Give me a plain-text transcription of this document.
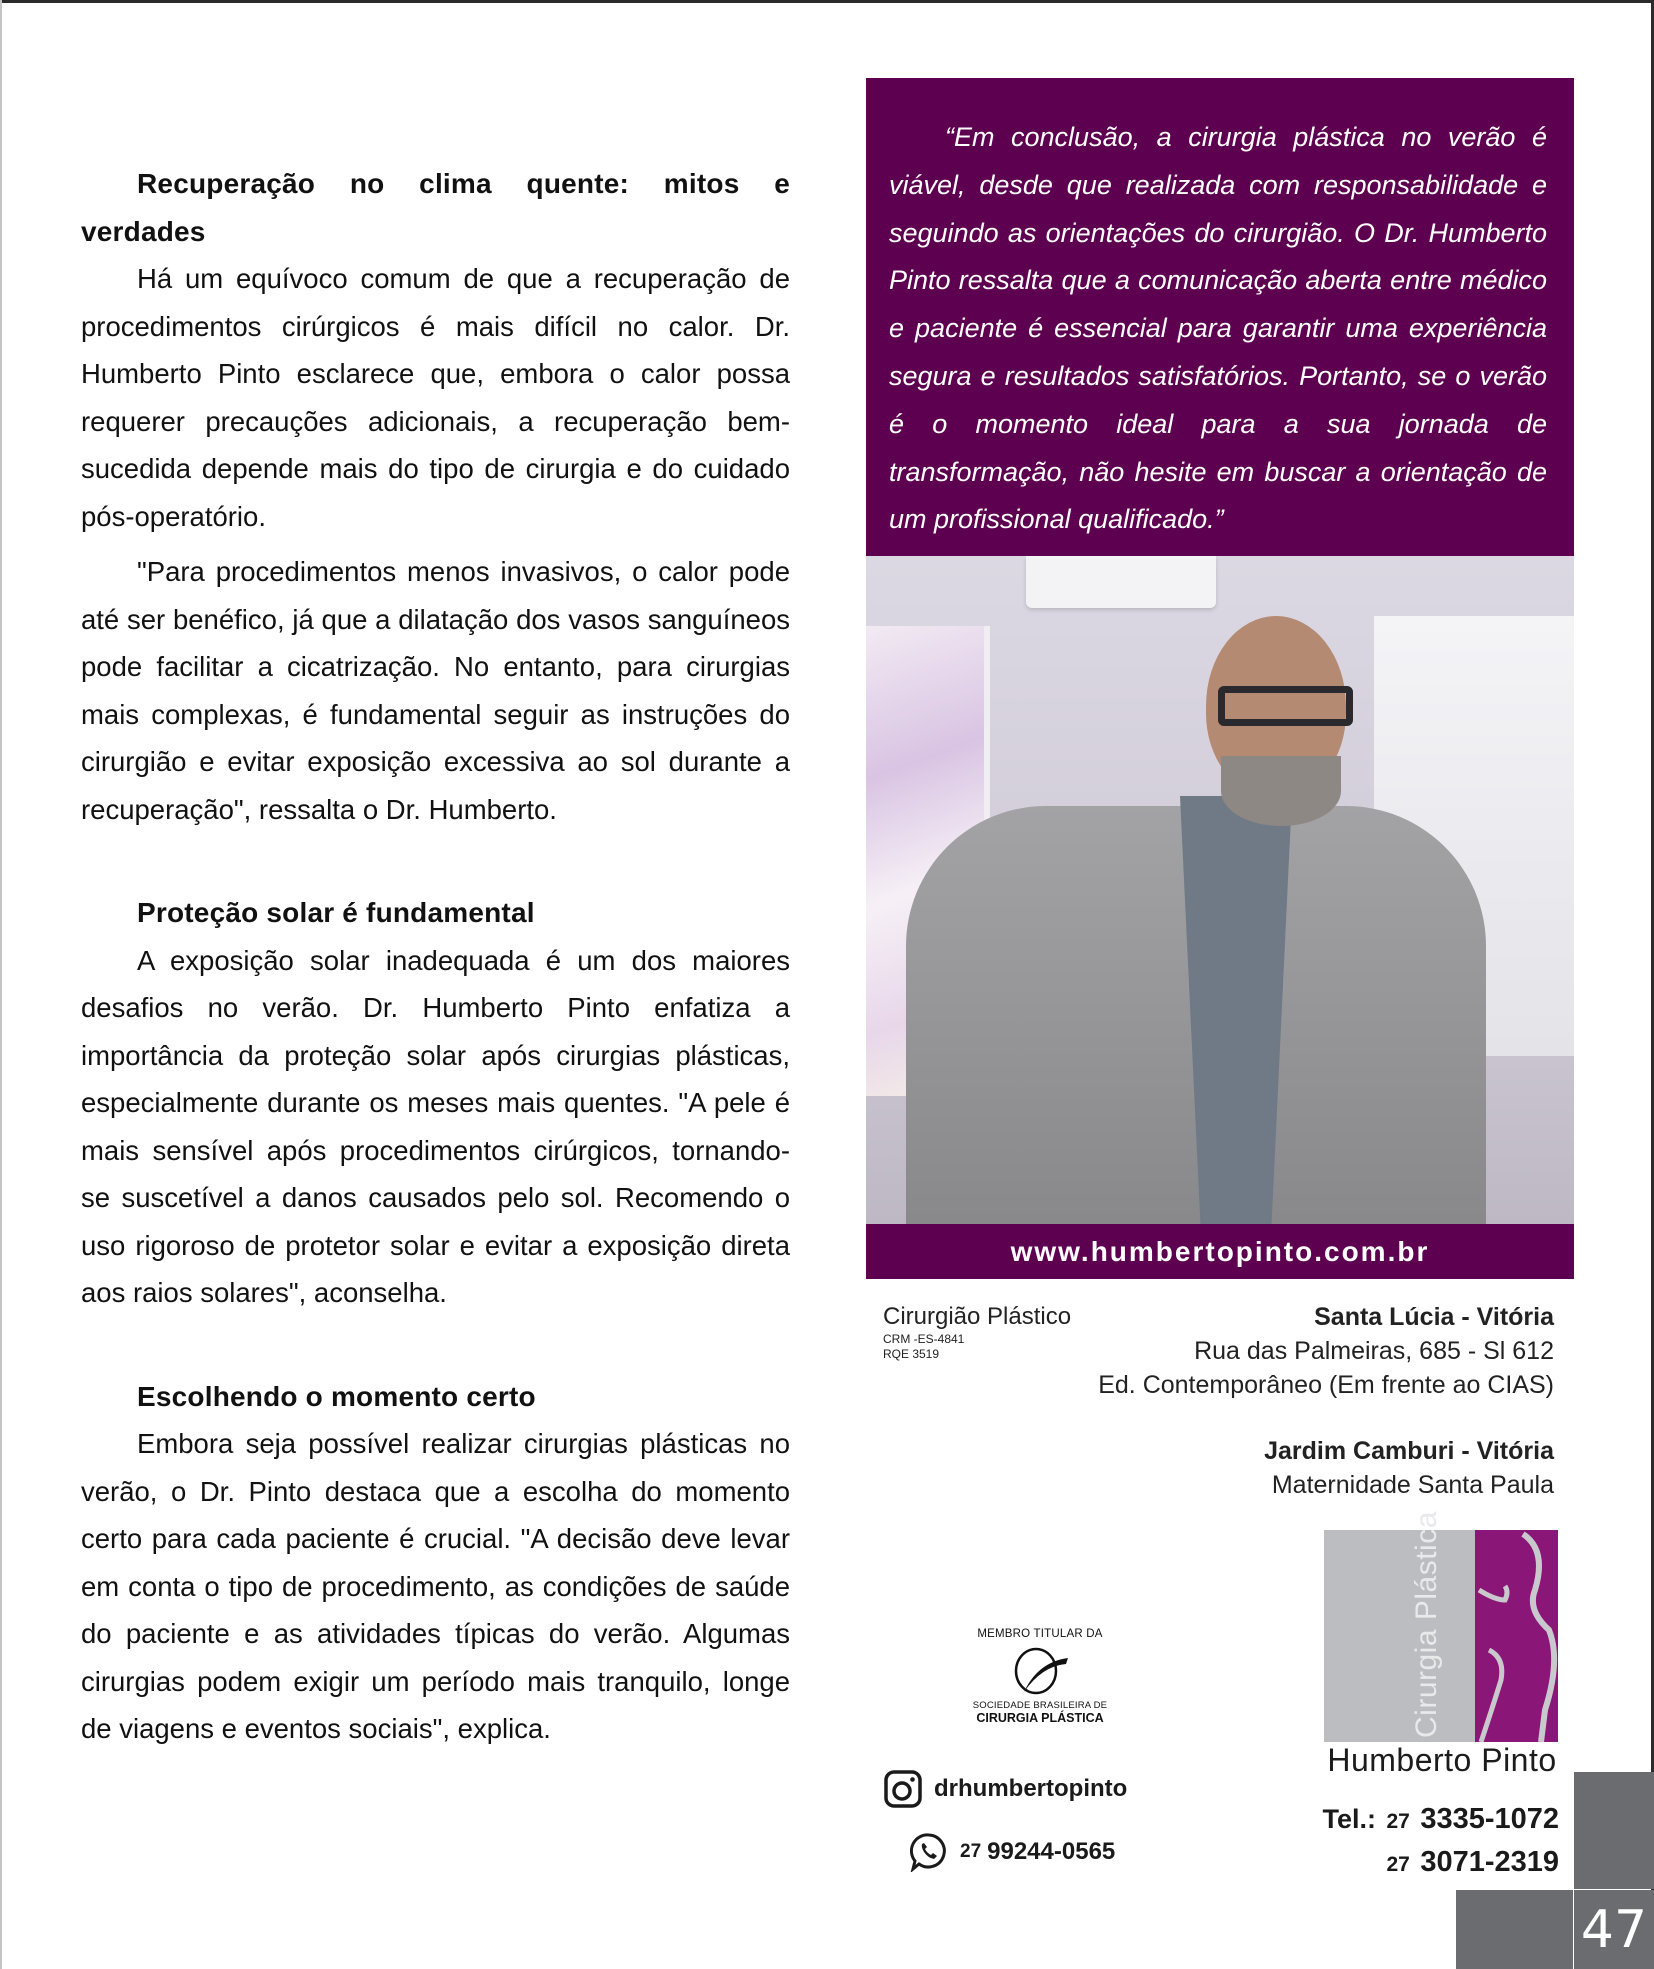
Recuperação no clima quente: mitos e verdades

Há um equívoco comum de que a recuperação de procedimentos cirúrgicos é mais difícil no calor. Dr. Humberto Pinto esclarece que, embora o calor possa requerer precauções adicionais, a recuperação bem-sucedida depende mais do tipo de cirurgia e do cuidado pós-operatório.

"Para procedimentos menos invasivos, o calor pode até ser benéfico, já que a dilatação dos vasos sanguíneos pode facilitar a cicatrização. No entanto, para cirurgias mais complexas, é fundamental seguir as instruções do cirurgião e evitar exposição excessiva ao sol durante a recuperação", ressalta o Dr. Humberto.

Proteção solar é fundamental

A exposição solar inadequada é um dos maiores desafios no verão. Dr. Humberto Pinto enfatiza a importância da proteção solar após cirurgias plásticas, especialmente durante os meses mais quentes. "A pele é mais sensível após procedimentos cirúrgicos, tornando-se suscetível a danos causados pelo sol. Recomendo o uso rigoroso de protetor solar e evitar a exposição direta aos raios solares", aconselha.

Escolhendo o momento certo

Embora seja possível realizar cirurgias plásticas no verão, o Dr. Pinto destaca que a escolha do momento certo para cada paciente é crucial. "A decisão deve levar em conta o tipo de procedimento, as condições de saúde do paciente e as atividades típicas do verão. Algumas cirurgias podem exigir um período mais tranquilo, longe de viagens e eventos sociais", explica.

“Em conclusão, a cirurgia plástica no verão é viável, desde que realizada com responsabilidade e seguindo as orientações do cirurgião. O Dr. Humberto Pinto ressalta que a comunicação aberta entre médico e paciente é essencial para garantir uma experiência segura e resultados satisfatórios. Portanto, se o verão é o momento ideal para a sua jornada de transformação, não hesite em buscar a orientação de um profissional qualificado.”

www.humbertopinto.com.br
Cirurgião Plástico
CRM -ES-4841
RQE 3519
Santa Lúcia - Vitória
Rua das Palmeiras, 685 - Sl 612
Ed. Contemporâneo (Em frente ao CIAS)
Jardim Camburi - Vitória
Maternidade Santa Paula
MEMBRO TITULAR DA
SOCIEDADE BRASILEIRA DE
CIRURGIA PLÁSTICA
drhumbertopinto
27 99244-0565
Cirurgia Plástica
Humberto Pinto
Tel.: 27 3335-1072
27 3071-2319
47
